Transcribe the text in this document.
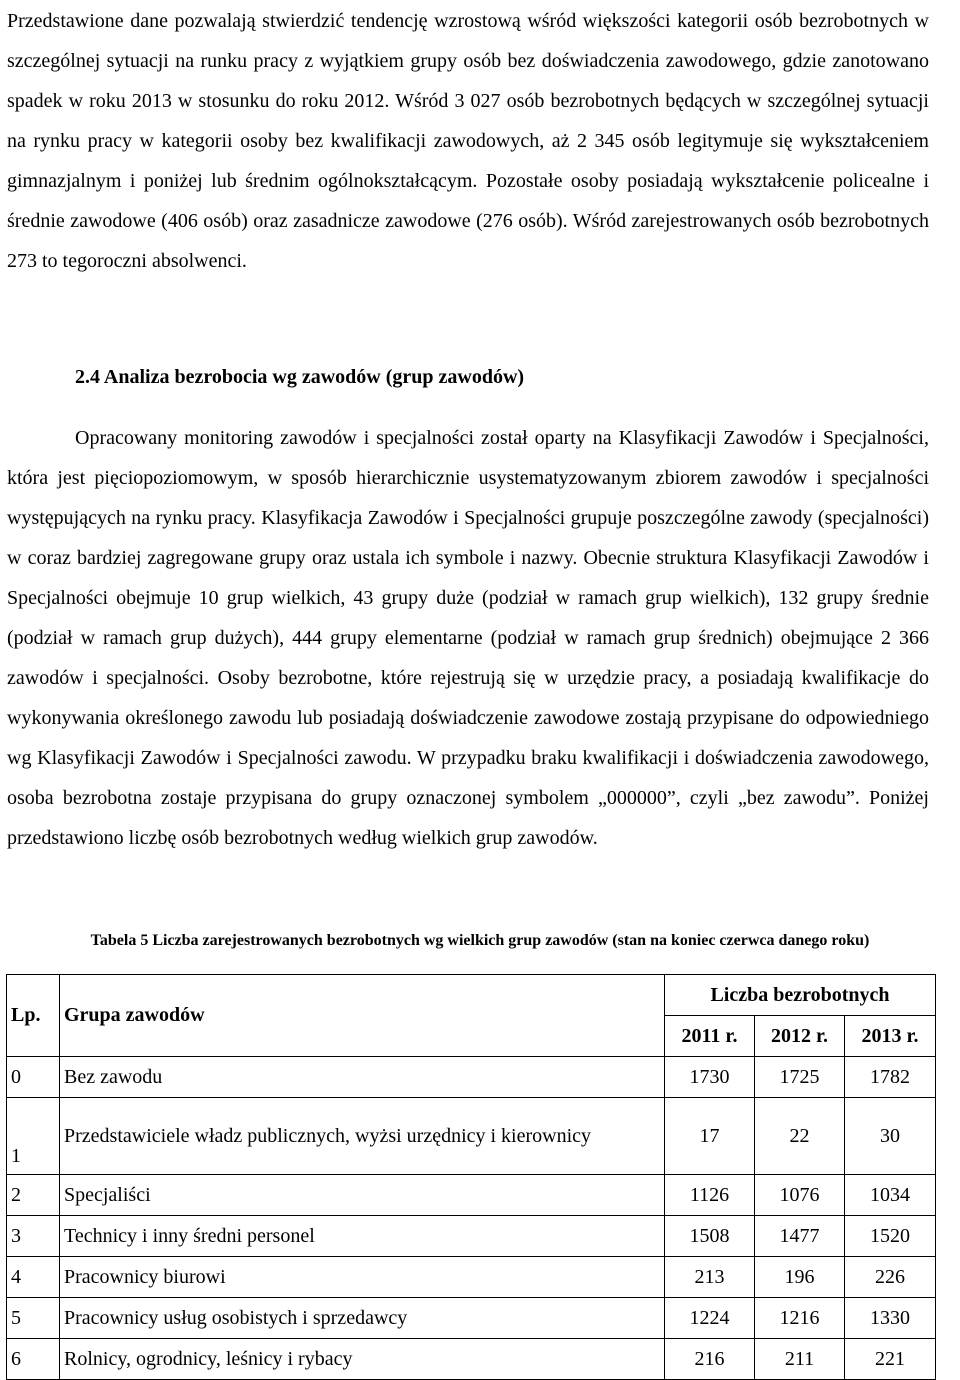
Przedstawione dane pozwalają stwierdzić tendencję wzrostową wśród większości kategorii osób bezrobotnych w szczególnej sytuacji na runku pracy z wyjątkiem grupy osób bez doświadczenia zawodowego, gdzie zanotowano spadek w roku 2013 w stosunku do roku 2012. Wśród 3 027 osób bezrobotnych będących w szczególnej sytuacji na rynku pracy w kategorii osoby bez kwalifikacji zawodowych, aż 2 345 osób legitymuje się wykształceniem gimnazjalnym i poniżej lub średnim ogólnokształcącym. Pozostałe osoby posiadają wykształcenie policealne i średnie zawodowe (406 osób) oraz zasadnicze zawodowe (276 osób). Wśród zarejestrowanych osób bezrobotnych 273 to tegoroczni absolwenci.

2.4 Analiza bezrobocia wg zawodów (grup zawodów)

Opracowany monitoring zawodów i specjalności został oparty na Klasyfikacji Zawodów i Specjalności, która jest pięciopoziomowym, w sposób hierarchicznie usystematyzowanym zbiorem zawodów i specjalności występujących na rynku pracy. Klasyfikacja Zawodów i Specjalności grupuje poszczególne zawody (specjalności) w coraz bardziej zagregowane grupy oraz ustala ich symbole i nazwy. Obecnie struktura Klasyfikacji Zawodów i Specjalności obejmuje 10 grup wielkich, 43 grupy duże (podział w ramach grup wielkich), 132 grupy średnie (podział w ramach grup dużych), 444 grupy elementarne (podział w ramach grup średnich) obejmujące 2 366 zawodów i specjalności. Osoby bezrobotne, które rejestrują się w urzędzie pracy, a posiadają kwalifikacje do wykonywania określonego zawodu lub posiadają doświadczenie zawodowe zostają przypisane do odpowiedniego wg Klasyfikacji Zawodów i Specjalności zawodu. W przypadku braku kwalifikacji i doświadczenia zawodowego, osoba bezrobotna zostaje przypisana do grupy oznaczonej symbolem „000000”, czyli „bez zawodu”. Poniżej przedstawiono liczbę osób bezrobotnych według wielkich grup zawodów.

Tabela 5 Liczba zarejestrowanych bezrobotnych wg wielkich grup zawodów (stan na koniec czerwca danego roku)

Lp.	Grupa zawodów	Liczba bezrobotnych		
		2011 r.	2012 r.	2013 r.
0	Bez zawodu	1730	1725	1782
1	Przedstawiciele władz publicznych, wyżsi urzędnicy i kierownicy	17	22	30
2	Specjaliści	1126	1076	1034
3	Technicy i inny średni personel	1508	1477	1520
4	Pracownicy biurowi	213	196	226
5	Pracownicy usług osobistych i sprzedawcy	1224	1216	1330
6	Rolnicy, ogrodnicy, leśnicy i rybacy	216	211	221
